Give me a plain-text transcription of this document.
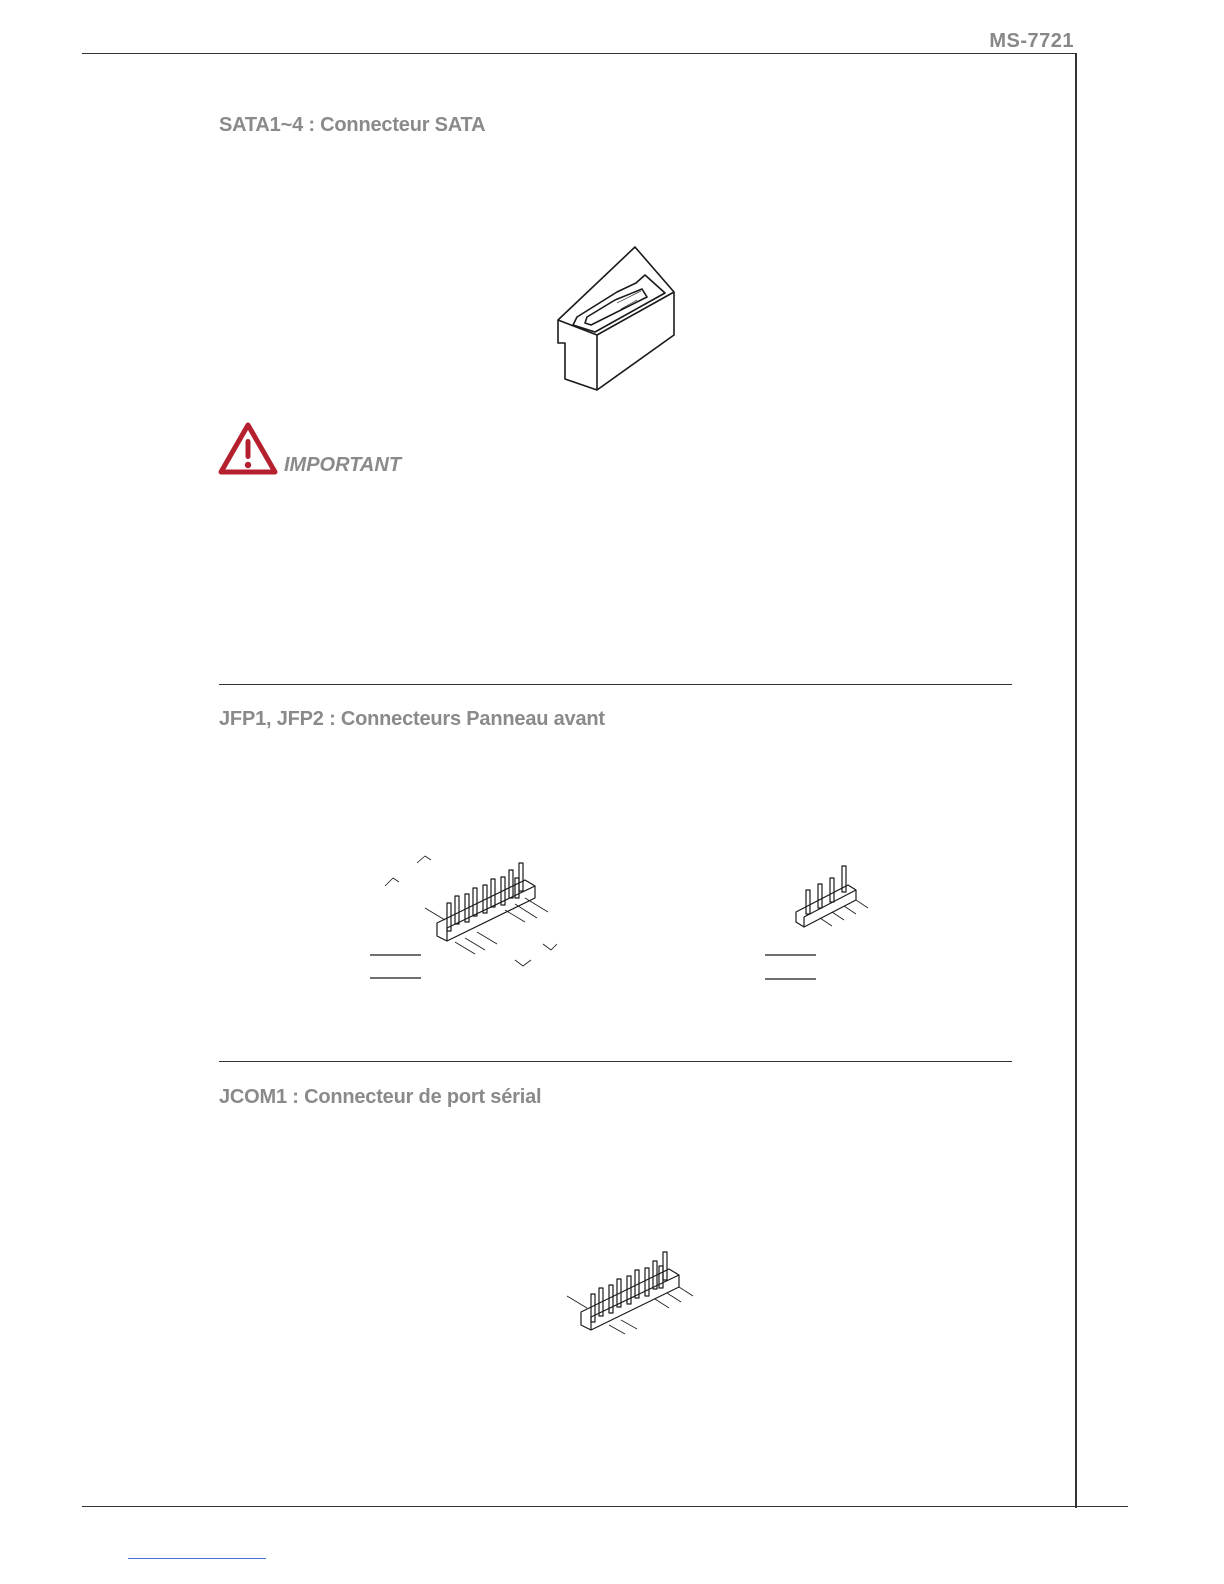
MS-7721
SATA1~4 : Connecteur SATA
IMPORTANT
JFP1, JFP2 : Connecteurs Panneau avant
JCOM1 : Connecteur de port sérial
